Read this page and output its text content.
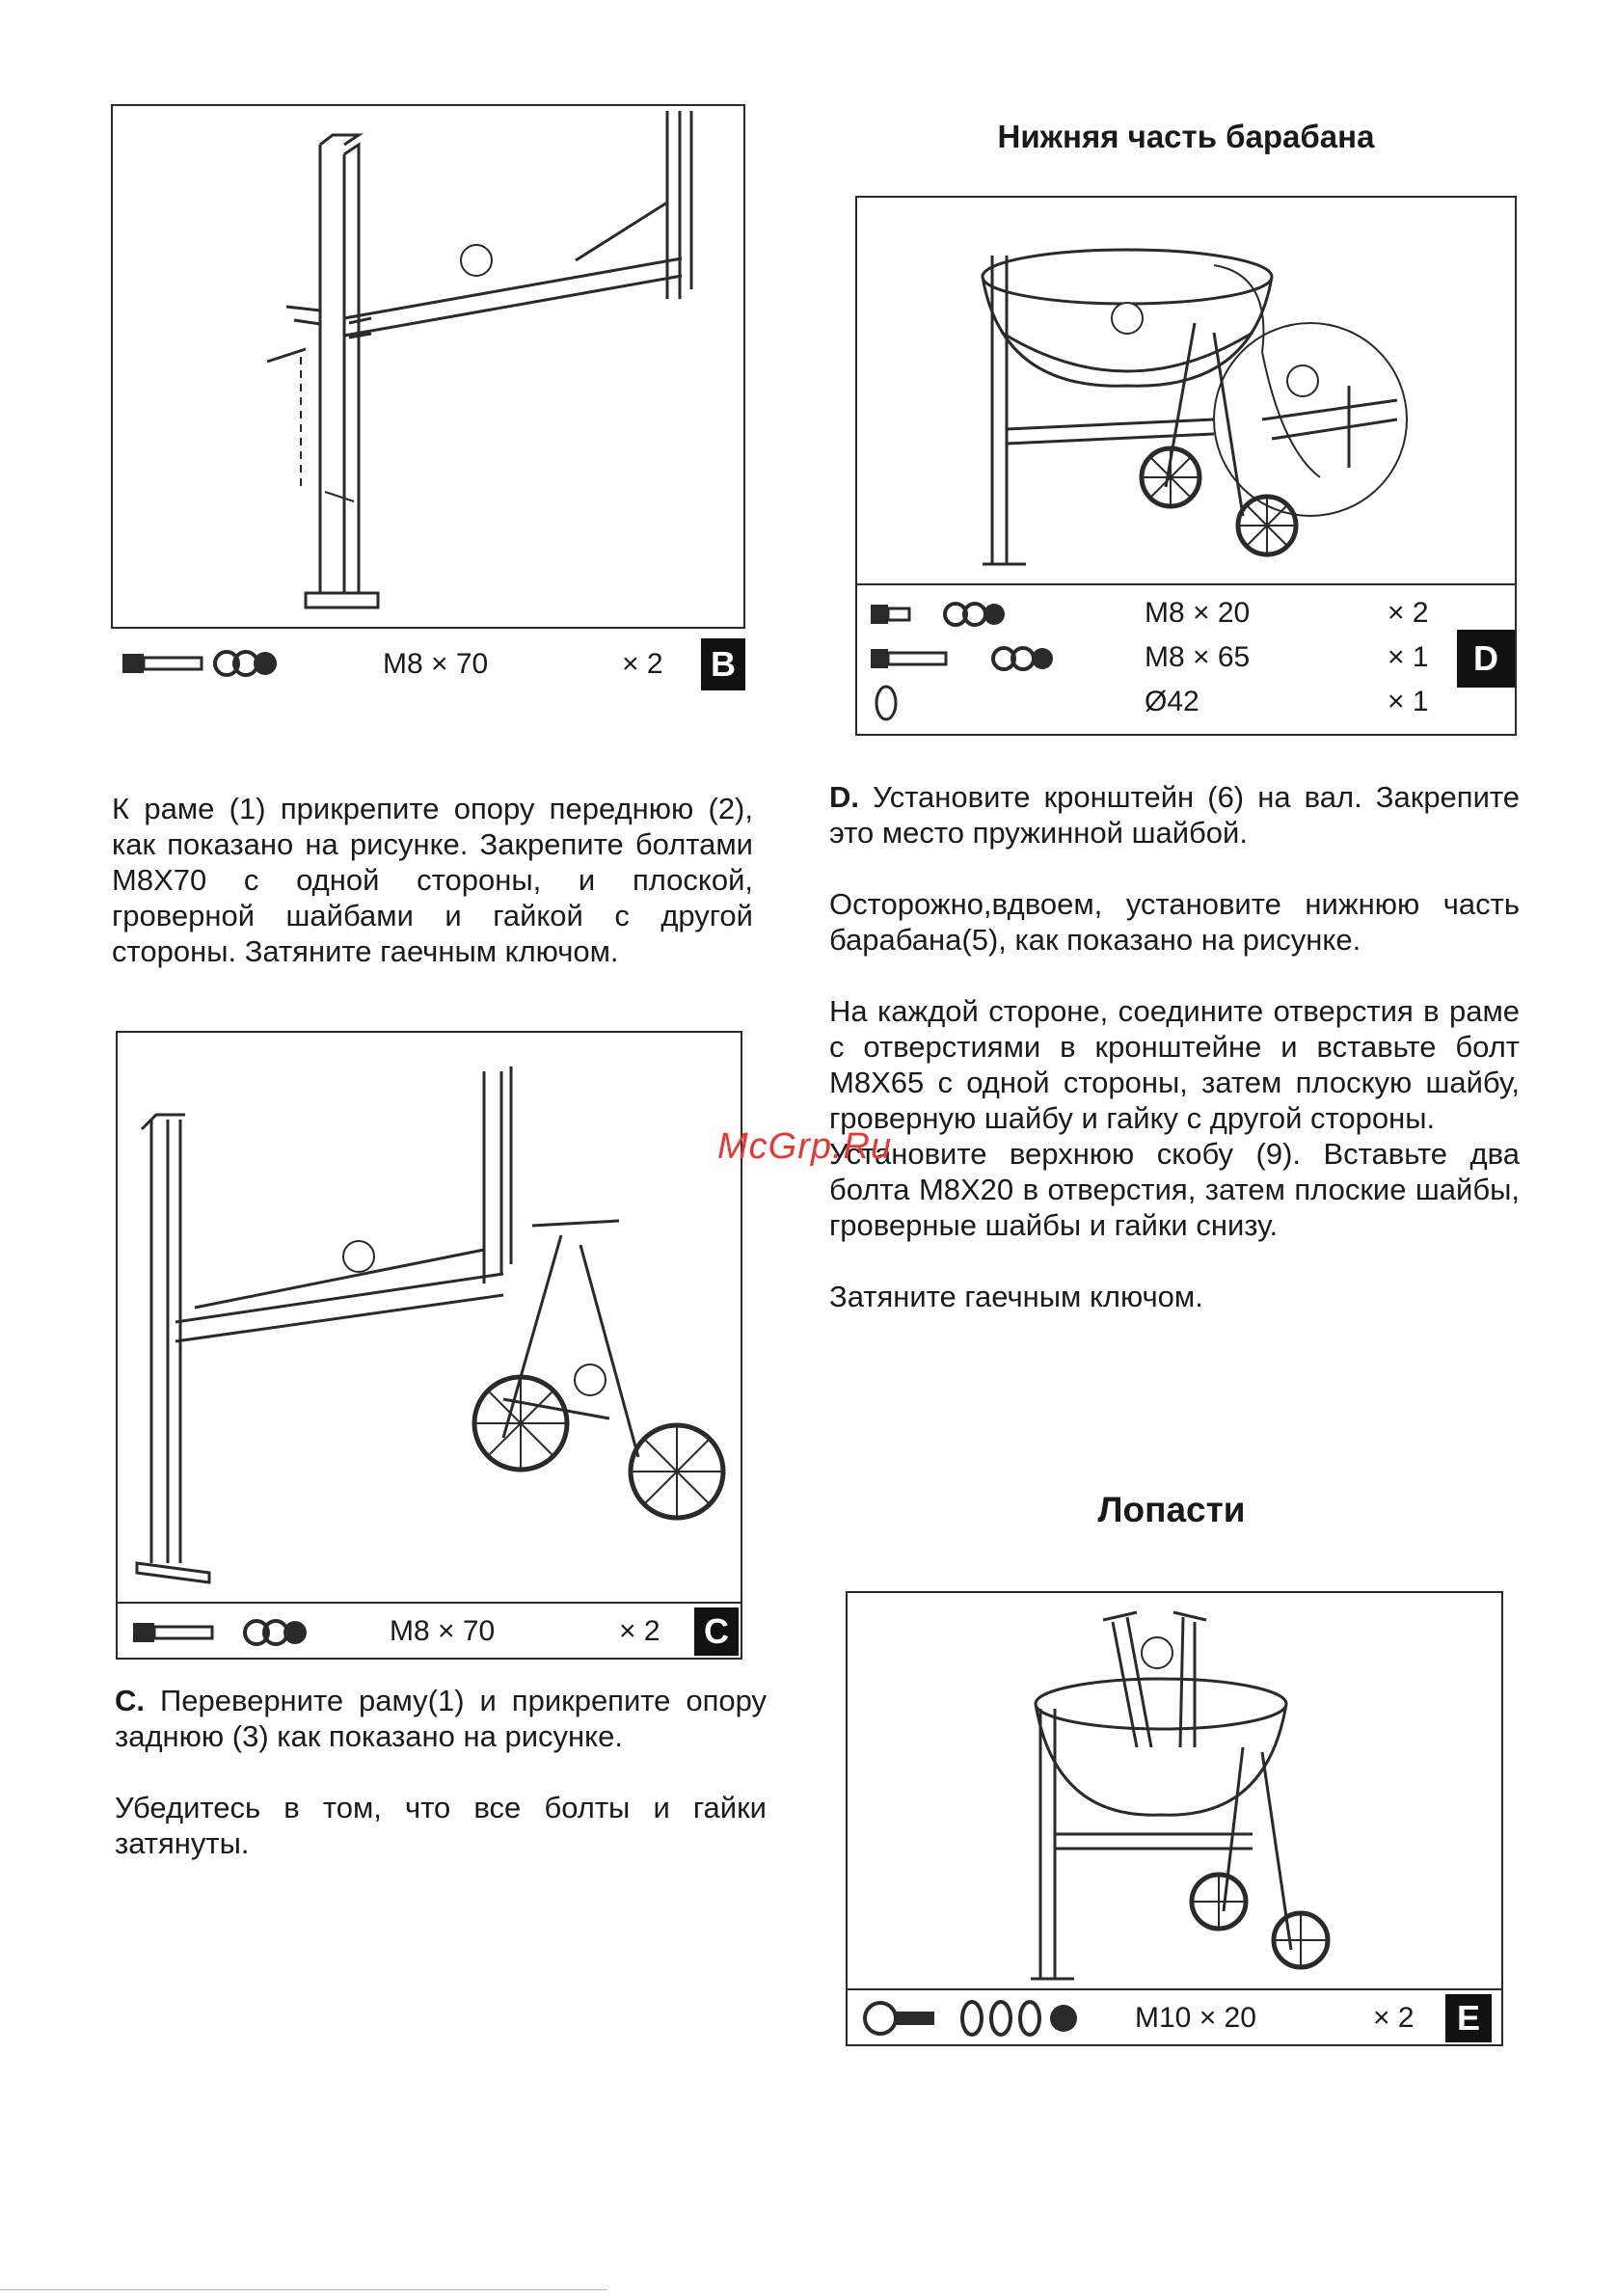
M8 × 70	× 2 B
Нижняя часть барабана
M8 × 20	× 2
M8 × 65	× 1
Ø42	× 1
D

К раме (1) прикрепите опору переднюю (2), как показано на рисунке. Закрепите болтами М8Х70 с одной стороны, и плоской, гроверной шайбами и гайкой с другой стороны. Затяните гаечным ключом.

D. Установите кронштейн (6) на вал. Закрепите это место пружинной шайбой.

Осторожно,вдвоем, установите нижнюю часть барабана(5), как показано на рисунке.

На каждой стороне, соедините отверстия в раме с отверстиями в кронштейне и вставьте болт М8Х65 с одной стороны, затем плоскую шайбу, гроверную шайбу и гайку с другой стороны.

Установите верхнюю скобу (9). Вставьте два болта М8Х20 в отверстия, затем плоские шайбы, гроверные шайбы и гайки снизу.

Затяните гаечным ключом.

M8 × 70	× 2 C

C. Переверните раму(1) и прикрепите опору заднюю (3) как показано на рисунке.

Убедитесь в том, что все болты и гайки затянуты.

Лопасти
M10 × 20	× 2	E
McGrp.Ru
